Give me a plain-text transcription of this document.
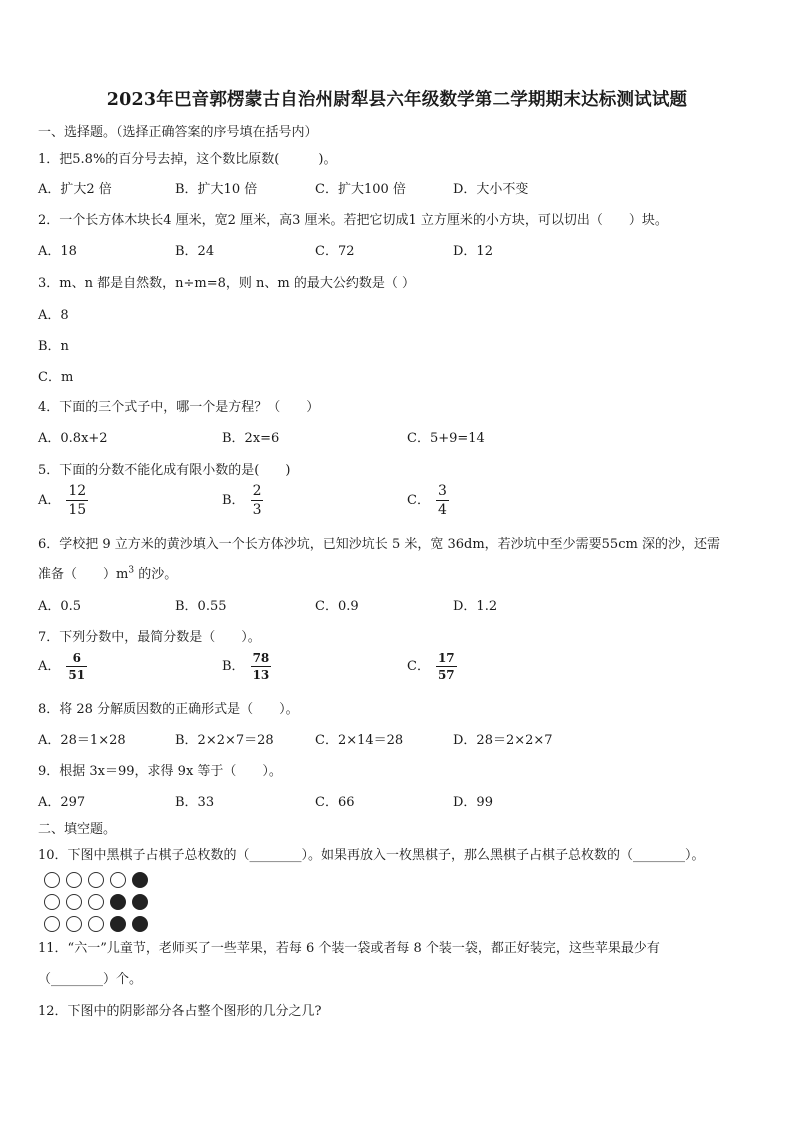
2023年巴音郭楞蒙古自治州尉犁县六年级数学第二学期期末达标测试试题
一、选择题。（选择正确答案的序号填在括号内）
1．把5.8%的百分号去掉，这个数比原数(　　　)。
A．扩大2 倍	B．扩大10 倍	C．扩大100 倍	D．大小不变
2．一个长方体木块长4 厘米，宽2 厘米，高3 厘米。若把它切成1 立方厘米的小方块，可以切出（　　）块。
A．18	B．24	C．72	D．12
3．m、n 都是自然数，n÷m=8，则 n、m 的最大公约数是（ ）
A．8
B．n
C．m
4．下面的三个式子中，哪一个是方程？（　　）
A．0.8x+2	B．2x=6	C．5+9=14
5．下面的分数不能化成有限小数的是(　　)
A． $\frac{12}{15}$	B． $\frac{2}{3}$	C． $\frac{3}{4}$
6．学校把 9 立方米的黄沙填入一个长方体沙坑，已知沙坑长 5 米，宽 36dm，若沙坑中至少需要55cm 深的沙，还需
准备（　　）$m^3$ 的沙。
A．0.5	B．0.55	C．0.9	D．1.2
7．下列分数中，最简分数是（　　）。
A． $\frac{6}{51}$	B． $\frac{78}{13}$	C． $\frac{17}{57}$
8．将 28 分解质因数的正确形式是（　　）。
A．28＝1×28	B．2×2×7＝28	C．2×14＝28	D．28＝2×2×7
9．根据 3x＝99，求得 9x 等于（　　）。
A．297	B．33	C．66	D．99
二、填空题。
10．下图中黑棋子占棋子总枚数的（________）。如果再放入一枚黑棋子，那么黑棋子占棋子总枚数的（________）。
11．“六一”儿童节，老师买了一些苹果，若每 6 个装一袋或者每 8 个装一袋，都正好装完，这些苹果最少有
（________）个。
12．下图中的阴影部分各占整个图形的几分之几?
